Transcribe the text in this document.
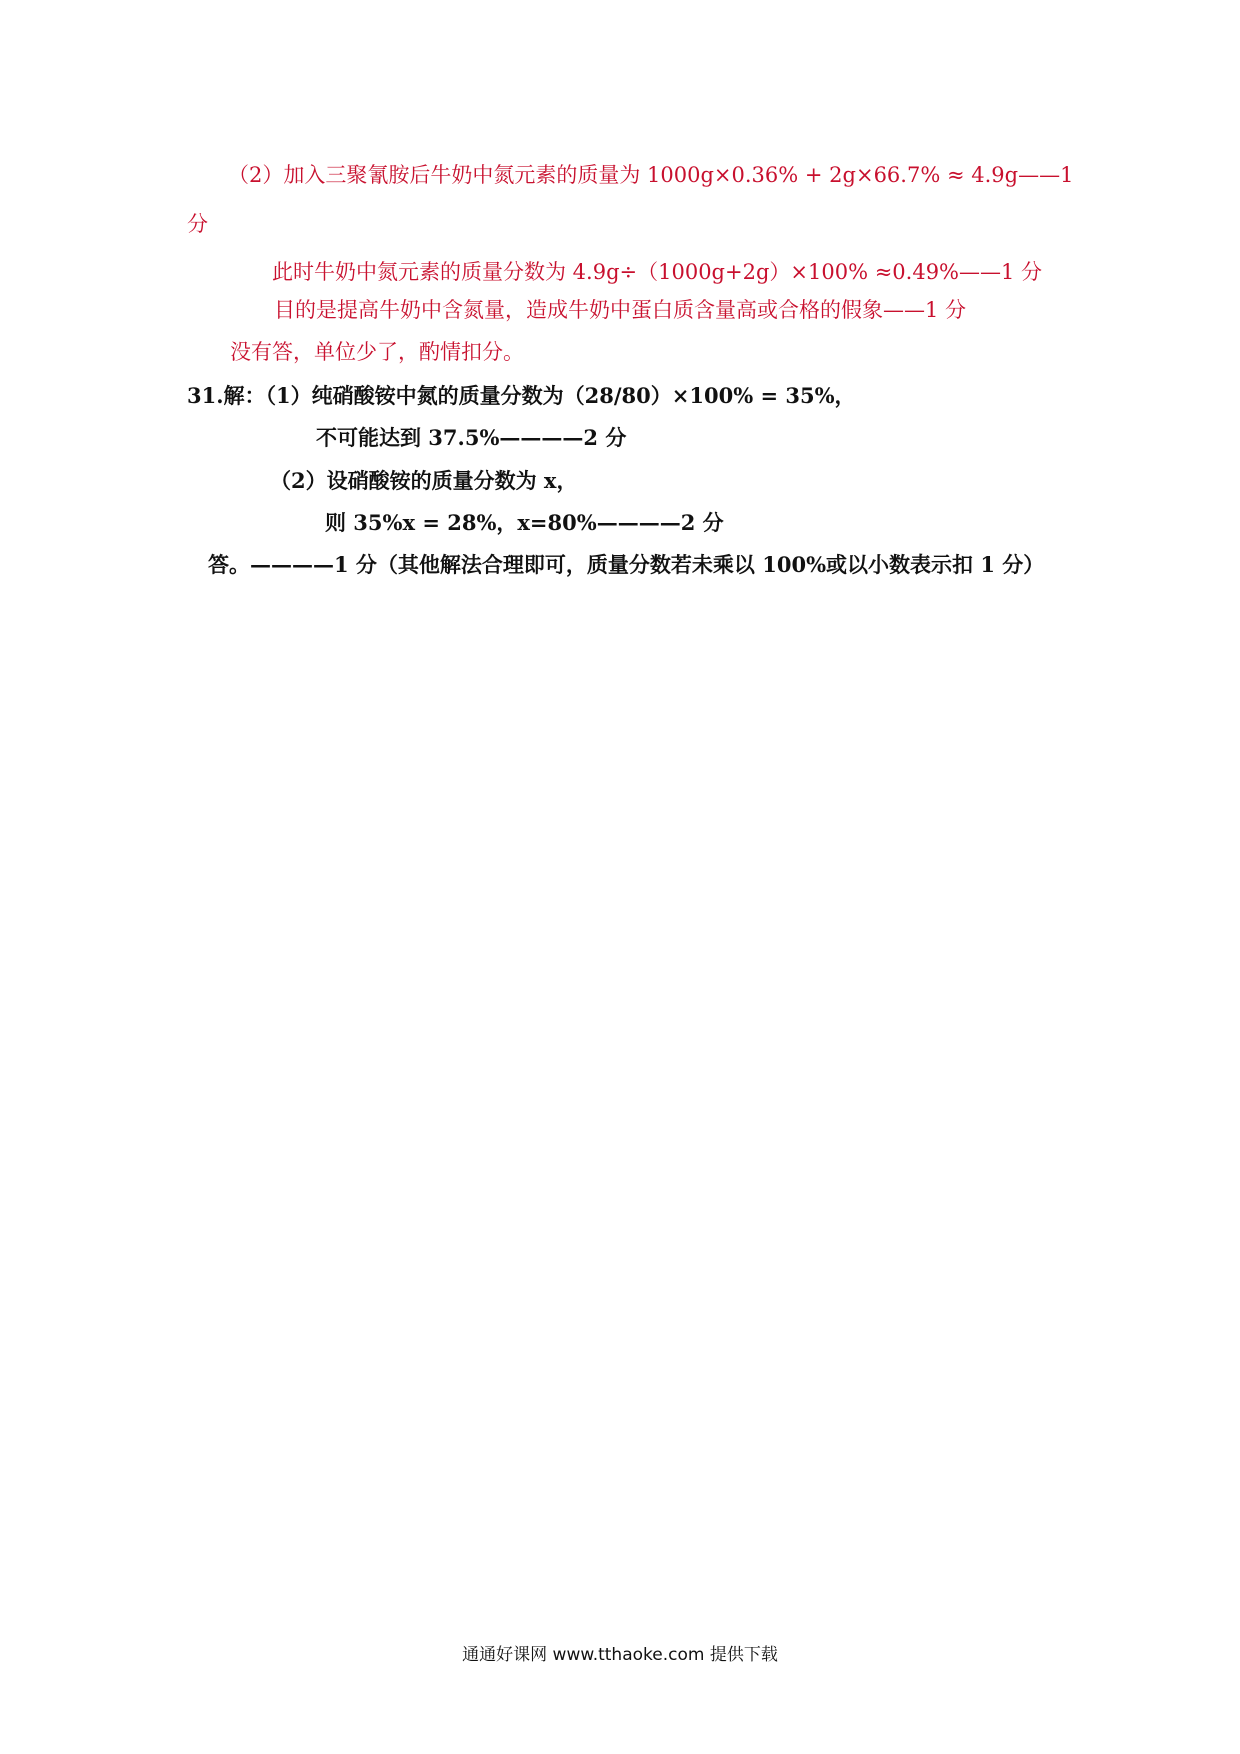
（2）加入三聚氰胺后牛奶中氮元素的质量为 1000g×0.36% + 2g×66.7% ≈ 4.9g——1
分
此时牛奶中氮元素的质量分数为 4.9g÷（1000g+2g）×100% ≈0.49%——1 分
目的是提高牛奶中含氮量，造成牛奶中蛋白质含量高或合格的假象——1 分
没有答，单位少了，酌情扣分。
31.解：（1）纯硝酸铵中氮的质量分数为（28/80）×100% = 35%，
不可能达到 37.5%————2 分
（2）设硝酸铵的质量分数为 x，
则 35%x = 28%，x=80%————2 分
答。————1 分（其他解法合理即可，质量分数若未乘以 100%或以小数表示扣 1 分）
通通好课网 www.tthaoke.com 提供下载
